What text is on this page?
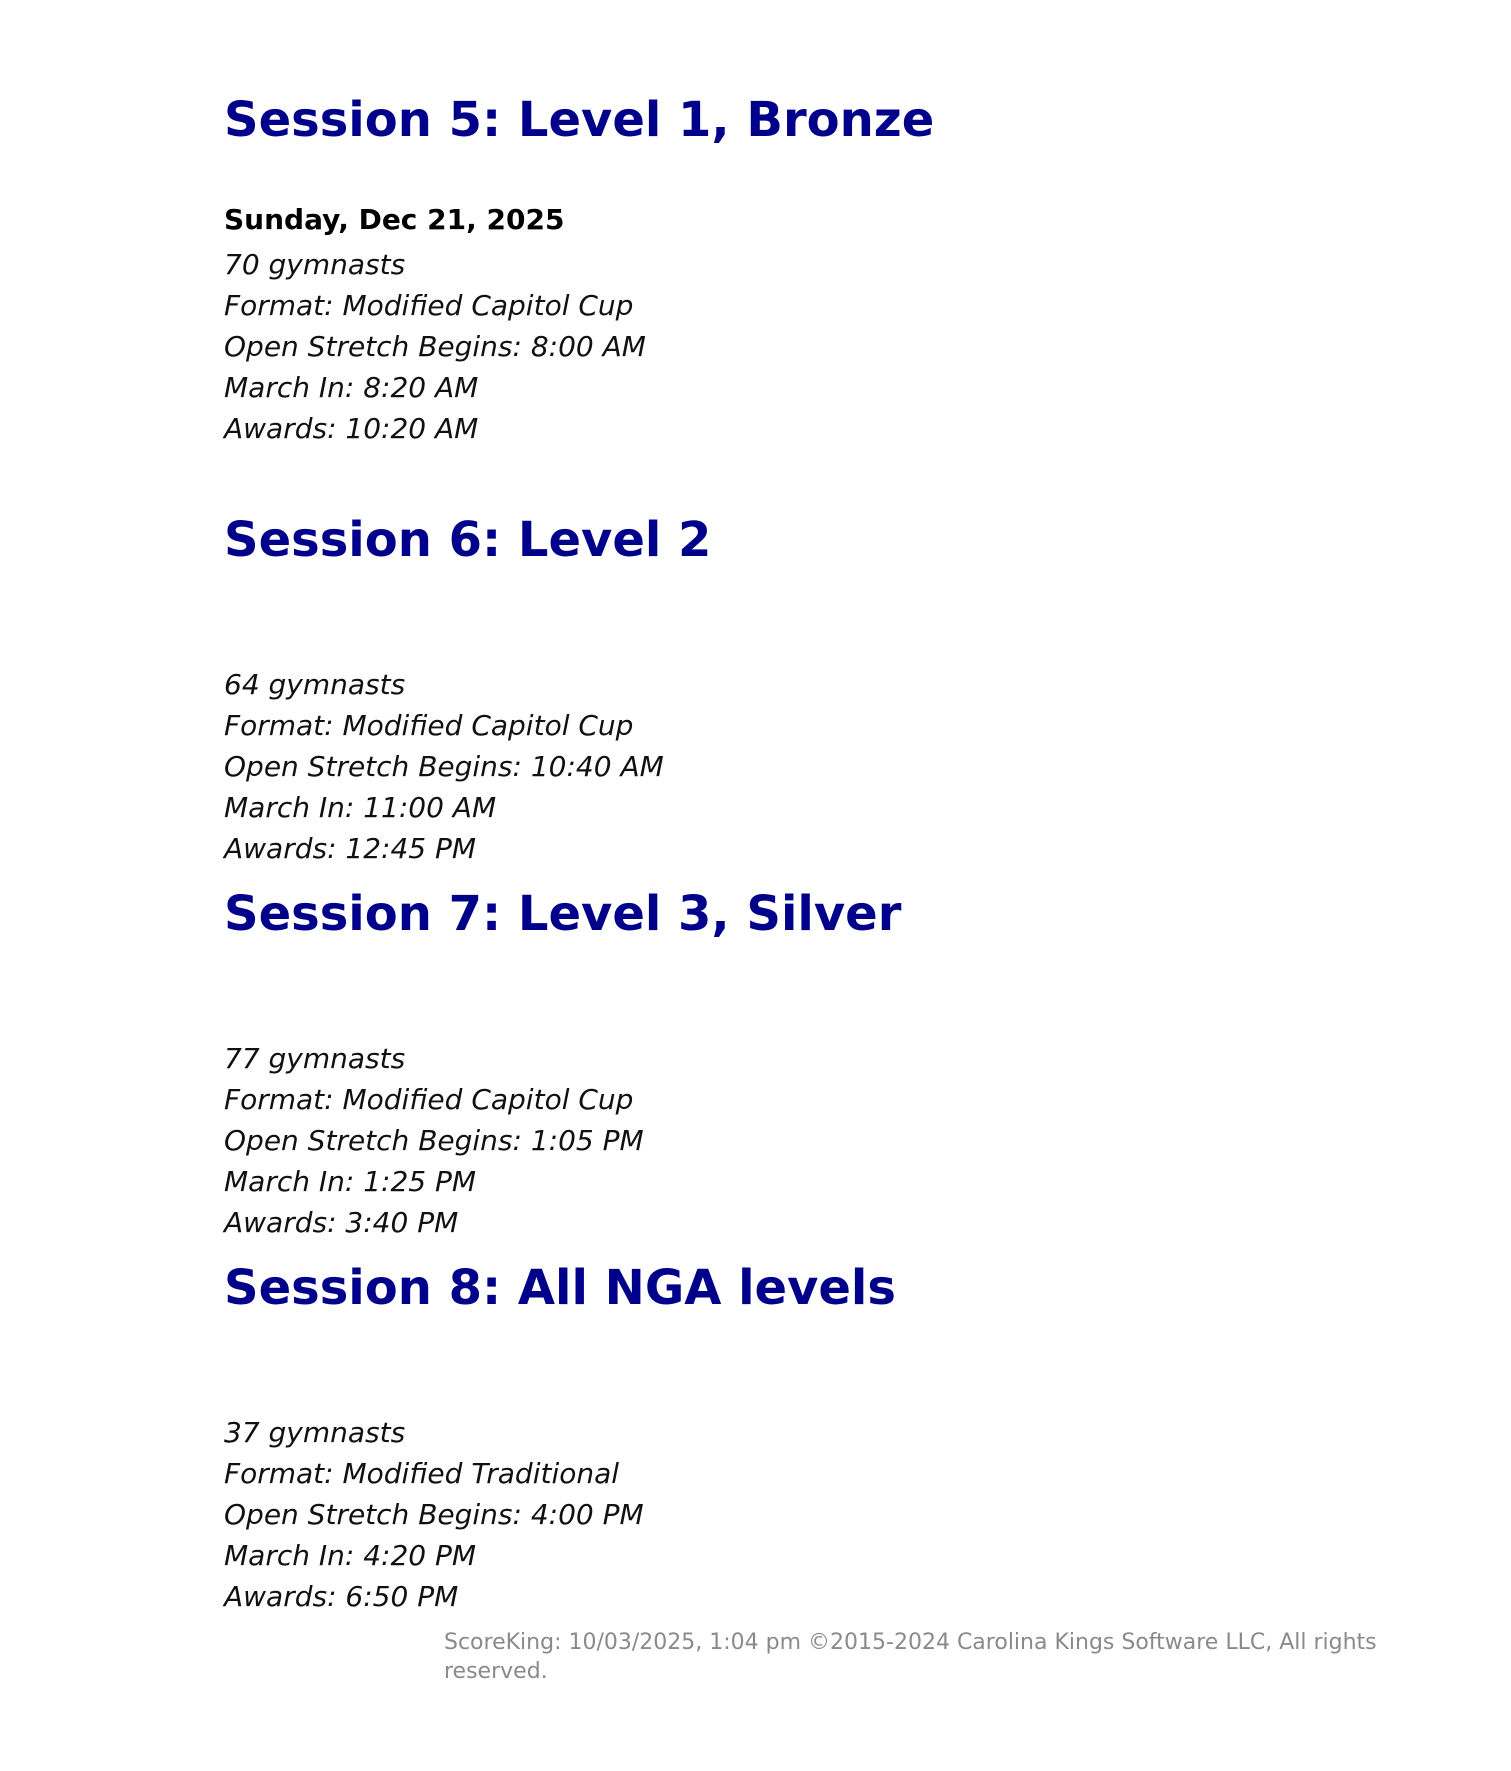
Session 5: Level 1, Bronze
Sunday, Dec 21, 2025
70 gymnasts
Format: Modified Capitol Cup
Open Stretch Begins: 8:00 AM
March In: 8:20 AM
Awards: 10:20 AM
Session 6: Level 2
64 gymnasts
Format: Modified Capitol Cup
Open Stretch Begins: 10:40 AM
March In: 11:00 AM
Awards: 12:45 PM
Session 7: Level 3, Silver
77 gymnasts
Format: Modified Capitol Cup
Open Stretch Begins: 1:05 PM
March In: 1:25 PM
Awards: 3:40 PM
Session 8: All NGA levels
37 gymnasts
Format: Modified Traditional
Open Stretch Begins: 4:00 PM
March In: 4:20 PM
Awards: 6:50 PM
ScoreKing: 10/03/2025, 1:04 pm ©2015-2024 Carolina Kings Software LLC, All rights reserved.
